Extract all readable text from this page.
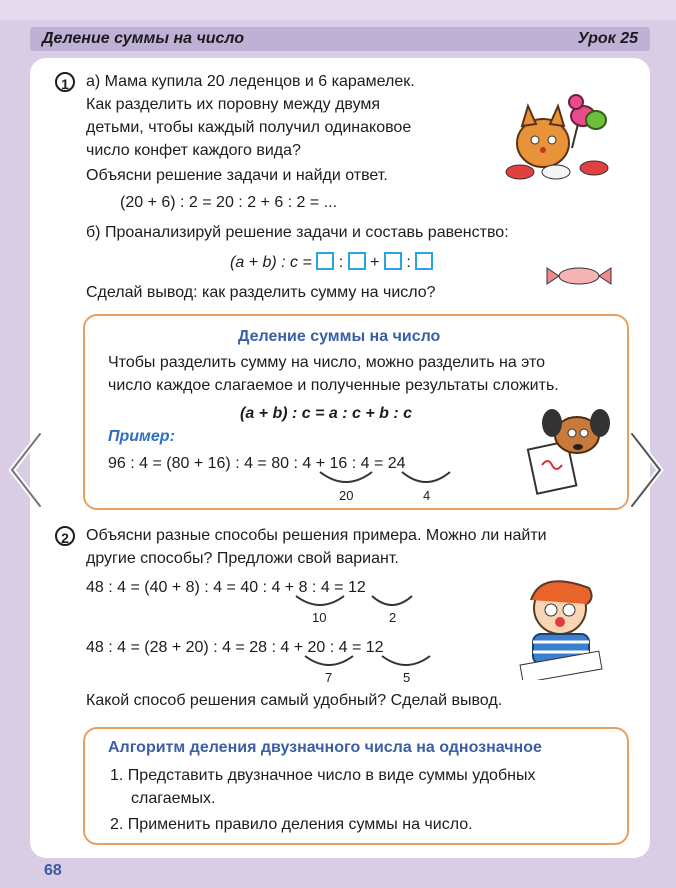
Деление суммы на число	Урок 25
1	а) Мама купила 20 леденцов и 6 карамелек.
Как разделить их поровну между двумя
детьми, чтобы каждый получил одинаковое
число конфет каждого вида?
Объясни решение задачи и найди ответ.
(20 + 6) : 2 = 20 : 2 + 6 : 2 = ...
б) Проанализируй решение задачи и составь равенство:
(a + b) : c = : + :
Сделай вывод: как разделить сумму на число?
Деление суммы на число
Чтобы разделить сумму на число, можно разделить на это
число каждое слагаемое и полученные результаты сложить.
(a + b) : c = a : c + b : c
Пример:
96 : 4 = (80 + 16) : 4 = 80 : 4 + 16 : 4 = 24
20	4
2	Объясни разные способы решения примера. Можно ли найти
другие способы? Предложи свой вариант.
48 : 4 = (40 + 8) : 4 = 40 : 4 + 8 : 4 = 12
10	2
48 : 4 = (28 + 20) : 4 = 28 : 4 + 20 : 4 = 12
7	5
Какой способ решения самый удобный? Сделай вывод.
Алгоритм деления двузначного числа на однозначное
1. Представить двузначное число в виде суммы удобных
слагаемых.
2. Применить правило деления суммы на число.
68
